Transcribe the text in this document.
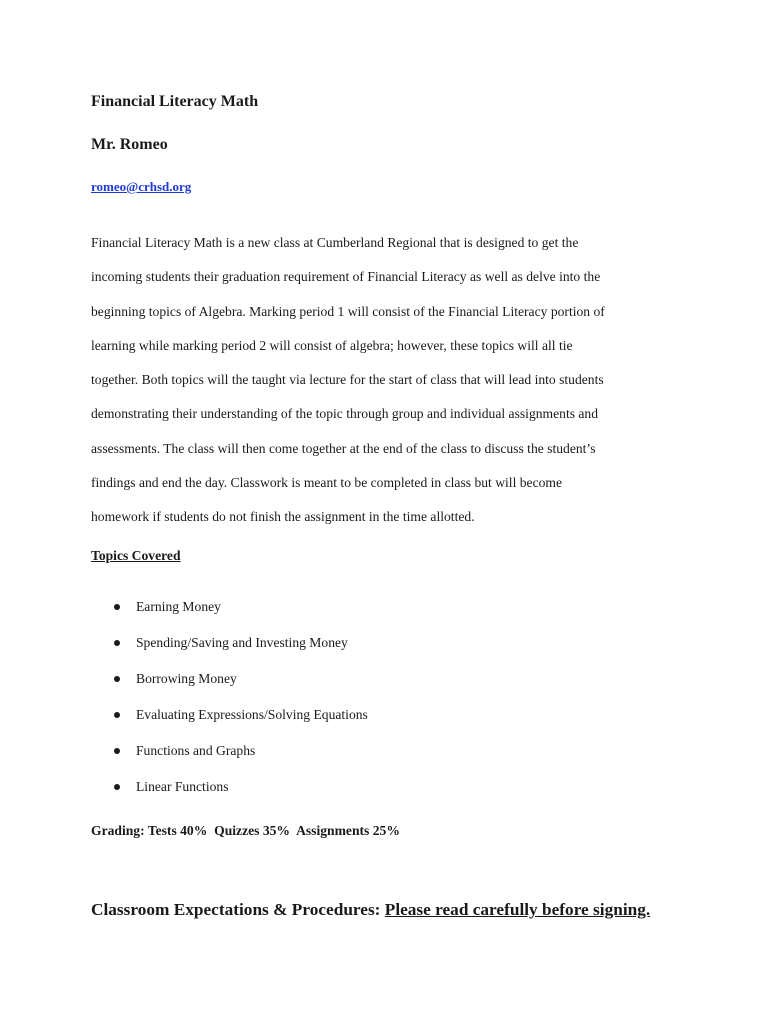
Financial Literacy Math
Mr. Romeo
romeo@crhsd.org

Financial Literacy Math is a new class at Cumberland Regional that is designed to get the
incoming students their graduation requirement of Financial Literacy as well as delve into the
beginning topics of Algebra. Marking period 1 will consist of the Financial Literacy portion of
learning while marking period 2 will consist of algebra; however, these topics will all tie
together. Both topics will the taught via lecture for the start of class that will lead into students
demonstrating their understanding of the topic through group and individual assignments and
assessments. The class will then come together at the end of the class to discuss the student’s
findings and end the day. Classwork is meant to be completed in class but will become
homework if students do not finish the assignment in the time allotted.

Topics Covered
Earning Money
Spending/Saving and Investing Money
Borrowing Money
Evaluating Expressions/Solving Equations
Functions and Graphs
Linear Functions

Grading: Tests 40% Quizzes 35% Assignments 25%

Classroom Expectations & Procedures: Please read carefully before signing.
